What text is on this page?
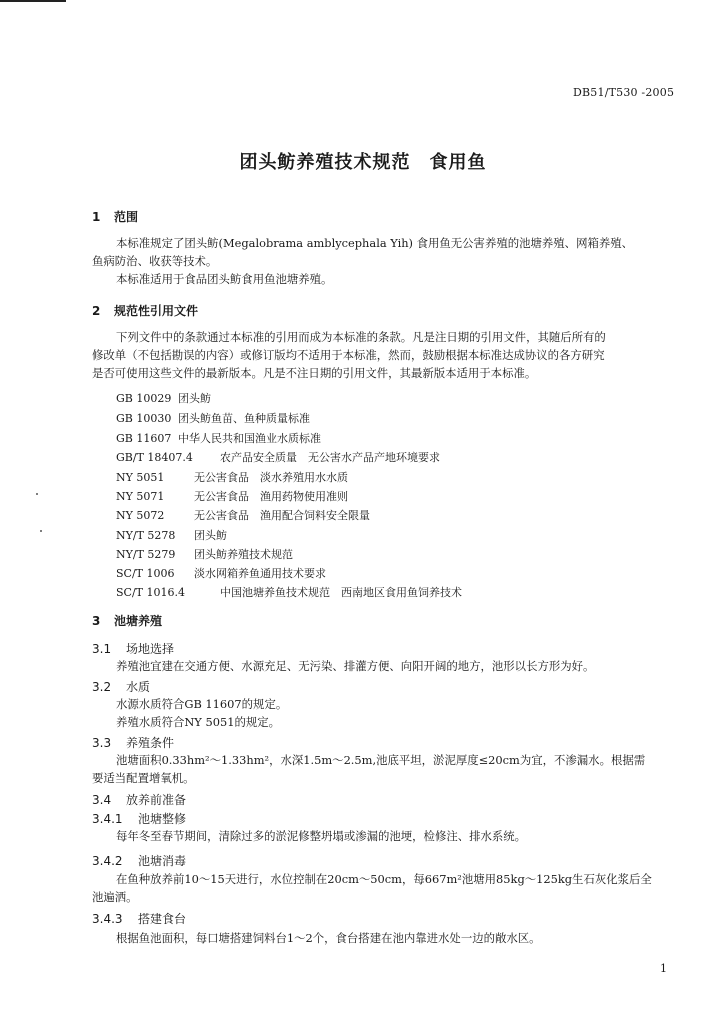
DB51/T530 -2005
团头鲂养殖技术规范　食用鱼
1 范围
本标准规定了团头鲂(Megalobrama amblycephala Yih) 食用鱼无公害养殖的池塘养殖、网箱养殖、
鱼病防治、收获等技术。
本标准适用于食品团头鲂食用鱼池塘养殖。
2 规范性引用文件
下列文件中的条款通过本标准的引用而成为本标准的条款。凡是注日期的引用文件，其随后所有的
修改单（不包括勘误的内容）或修订版均不适用于本标准，然而，鼓励根据本标准达成协议的各方研究
是否可使用这些文件的最新版本。凡是不注日期的引用文件，其最新版本适用于本标准。
GB 10029 团头鲂
GB 10030 团头鲂鱼苗、鱼种质量标准
GB 11607 中华人民共和国渔业水质标准
GB/T 18407.4 农产品安全质量　无公害水产品产地环境要求
NY 5051	无公害食品　淡水养殖用水水质
NY 5071	无公害食品　渔用药物使用准则
NY 5072	无公害食品　渔用配合饲料安全限量
NY/T 5278 团头鲂
NY/T 5279 团头鲂养殖技术规范
SC/T 1006 淡水网箱养鱼通用技术要求
SC/T 1016.4	中国池塘养鱼技术规范　西南地区食用鱼饲养技术
3 池塘养殖
3.1 场地选择
养殖池宜建在交通方便、水源充足、无污染、排灌方便、向阳开阔的地方，池形以长方形为好。
3.2 水质
水源水质符合GB 11607的规定。
养殖水质符合NY 5051的规定。
3.3 养殖条件
池塘面积0.33hm²～1.33hm²，水深1.5m～2.5m,池底平坦，淤泥厚度≤20cm为宜，不渗漏水。根据需
要适当配置增氧机。
3.4 放养前准备
3.4.1 池塘整修
每年冬至春节期间，清除过多的淤泥修整坍塌或渗漏的池埂，检修注、排水系统。
3.4.2 池塘消毒
在鱼种放养前10～15天进行，水位控制在20cm～50cm，每667m²池塘用85kg～125kg生石灰化浆后全
池遍洒。
3.4.3 搭建食台
根据鱼池面积，每口塘搭建饲料台1～2个，食台搭建在池内靠进水处一边的敞水区。
1
